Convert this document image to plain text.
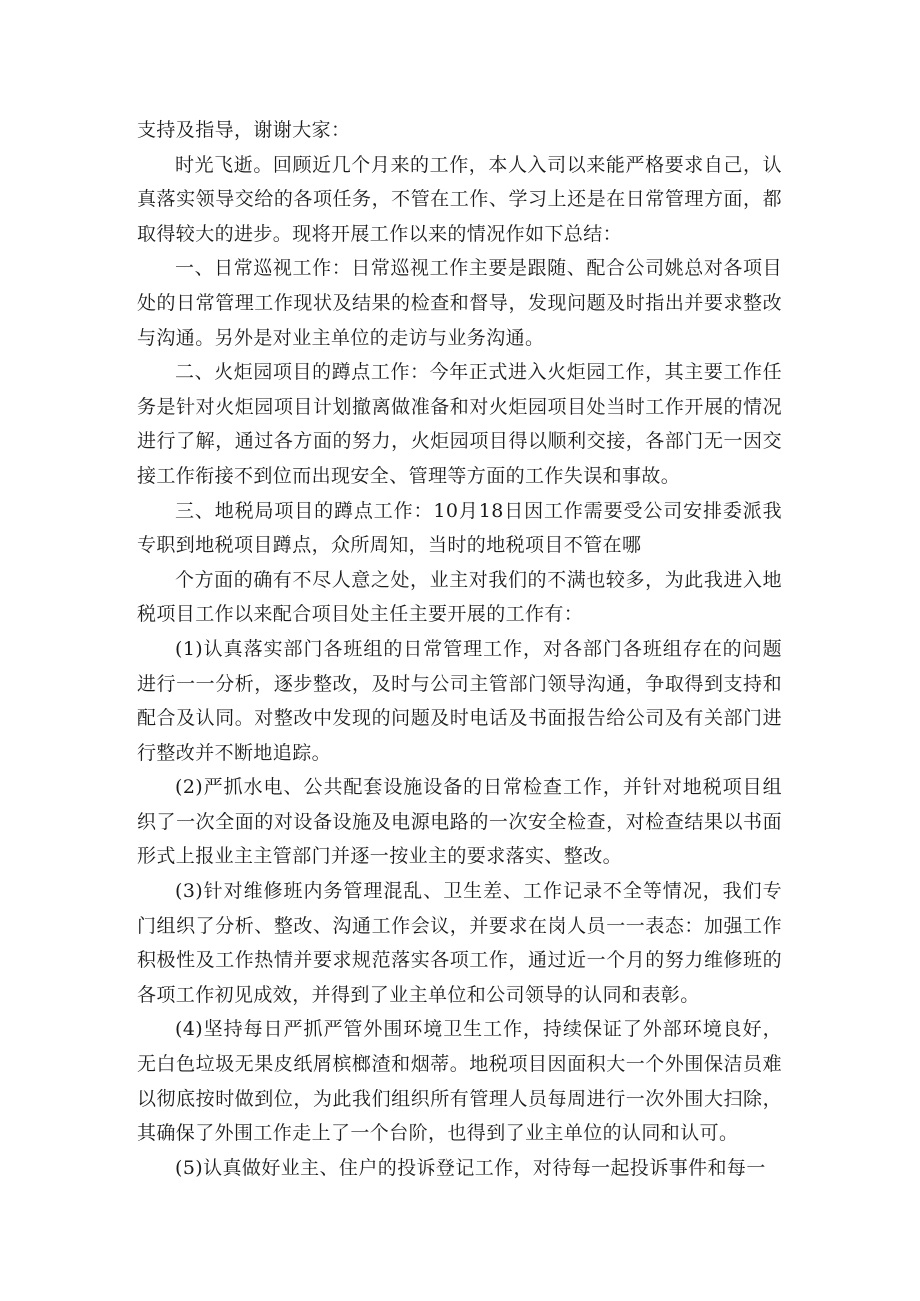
支持及指导，谢谢大家：

时光飞逝。回顾近几个月来的工作，本人入司以来能严格要求自己，认真落实领导交给的各项任务，不管在工作、学习上还是在日常管理方面，都取得较大的进步。现将开展工作以来的情况作如下总结：

一、日常巡视工作：日常巡视工作主要是跟随、配合公司姚总对各项目处的日常管理工作现状及结果的检查和督导，发现问题及时指出并要求整改与沟通。另外是对业主单位的走访与业务沟通。

二、火炬园项目的蹲点工作：今年正式进入火炬园工作，其主要工作任务是针对火炬园项目计划撤离做准备和对火炬园项目处当时工作开展的情况进行了解，通过各方面的努力，火炬园项目得以顺利交接，各部门无一因交接工作衔接不到位而出现安全、管理等方面的工作失误和事故。

三、地税局项目的蹲点工作：10月18日因工作需要受公司安排委派我专职到地税项目蹲点，众所周知，当时的地税项目不管在哪

个方面的确有不尽人意之处，业主对我们的不满也较多，为此我进入地税项目工作以来配合项目处主任主要开展的工作有：

(1)认真落实部门各班组的日常管理工作，对各部门各班组存在的问题进行一一分析，逐步整改，及时与公司主管部门领导沟通，争取得到支持和配合及认同。对整改中发现的问题及时电话及书面报告给公司及有关部门进行整改并不断地追踪。

(2)严抓水电、公共配套设施设备的日常检查工作，并针对地税项目组织了一次全面的对设备设施及电源电路的一次安全检查，对检查结果以书面形式上报业主主管部门并逐一按业主的要求落实、整改。

(3)针对维修班内务管理混乱、卫生差、工作记录不全等情况，我们专门组织了分析、整改、沟通工作会议，并要求在岗人员一一表态：加强工作积极性及工作热情并要求规范落实各项工作，通过近一个月的努力维修班的各项工作初见成效，并得到了业主单位和公司领导的认同和表彰。

(4)坚持每日严抓严管外围环境卫生工作，持续保证了外部环境良好，无白色垃圾无果皮纸屑槟榔渣和烟蒂。地税项目因面积大一个外围保洁员难以彻底按时做到位，为此我们组织所有管理人员每周进行一次外围大扫除，其确保了外围工作走上了一个台阶，也得到了业主单位的认同和认可。

(5)认真做好业主、住户的投诉登记工作，对待每一起投诉事件和每一
